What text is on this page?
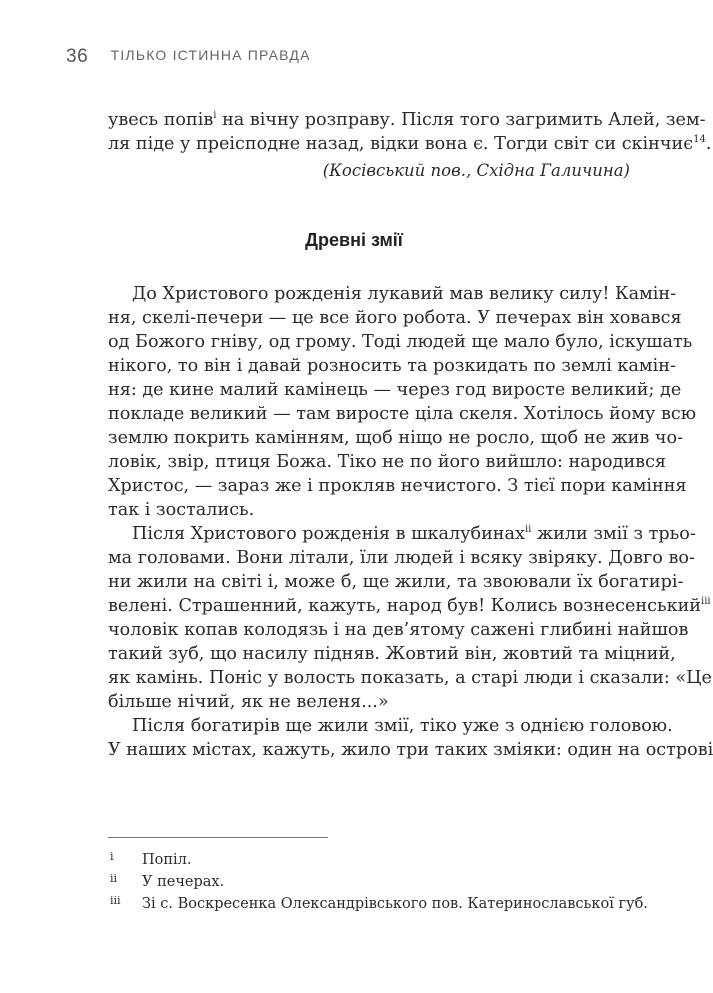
36 ТІЛЬКО ІСТИННА ПРАВДА
увесь попів$^i$ на вічну розправу. Після того загримить Алей, зем-
ля піде у преісподне назад, відки вона є. Тогди світ си скінчиє$^{14}$.
(Косівський пов., Східна Галичина)
Древні змії
До Христового рожденія лукавий мав велику силу! Камін-
ня, скелі-печери — це все його робота. У печерах він ховався
од Божого гніву, од грому. Тоді людей ще мало було, іскушать
нікого, то він і давай розносить та розкидать по землі камін-
ня: де кине малий камінець — через год виросте великий; де
покладе великий — там виросте ціла скеля. Хотілось йому всю
землю покрить камінням, щоб ніщо не росло, щоб не жив чо-
ловік, звір, птиця Божа. Тіко не по його вийшло: народився
Христос, — зараз же і прокляв нечистого. З тієї пори каміння
так і зостались.
Після Христового рожденія в шкалубинах$^{ii}$ жили змії з трьо-
ма головами. Вони літали, їли людей і всяку звіряку. Довго во-
ни жили на світі і, може б, ще жили, та звоювали їх богатирі-
велені. Страшенний, кажуть, народ був! Колись вознесенський$^{iii}$
чоловік копав колодязь і на дев’ятому сажені глибині найшов
такий зуб, що насилу підняв. Жовтий він, жовтий та міцний,
як камінь. Поніс у волость показать, а старі люди і сказали: «Це
більше нічий, як не веленя...»
Після богатирів ще жили змії, тіко уже з однією головою.
У наших містах, кажуть, жило три таких зміяки: один на острові
i Попіл.
ii У печерах.
iii Зі с. Воскресенка Олександрівського пов. Катеринославської губ.
